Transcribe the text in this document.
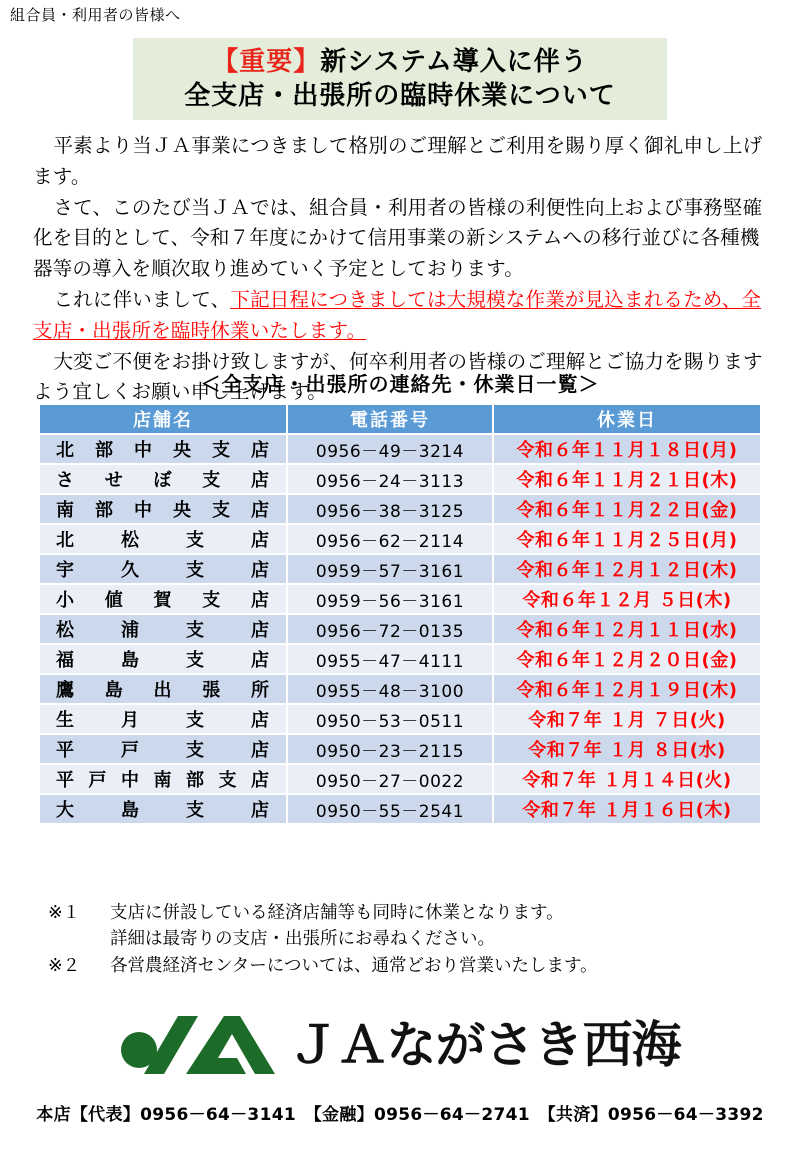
組合員・利用者の皆様へ
【重要】新システム導入に伴う
全支店・出張所の臨時休業について

平素より当ＪＡ事業につきまして格別のご理解とご利用を賜り厚く御礼申し上げます。

さて、このたび当ＪＡでは、組合員・利用者の皆様の利便性向上および事務堅確化を目的として、令和７年度にかけて信用事業の新システムへの移行並びに各種機器等の導入を順次取り進めていく予定としております。

これに伴いまして、下記日程につきましては大規模な作業が見込まれるため、全支店・出張所を臨時休業いたします。

大変ご不便をお掛け致しますが、何卒利用者の皆様のご理解とご協力を賜りますよう宜しくお願い申し上げます。

＜全支店・出張所の連絡先・休業日一覧＞
店舗名	電話番号	休業日
北部中央支店	0956－49－3214	令和６年１１月１８日(月)
させぼ支店	0956－24－3113	令和６年１１月２１日(木)
南部中央支店	0956－38－3125	令和６年１１月２２日(金)
北松支店	0956－62－2114	令和６年１１月２５日(月)
宇久支店	0959－57－3161	令和６年１２月１２日(木)
小値賀支店	0959－56－3161	令和６年１２月 ５日(木)
松浦支店	0956－72－0135	令和６年１２月１１日(水)
福島支店	0955－47－4111	令和６年１２月２０日(金)
鷹島出張所	0955－48－3100	令和６年１２月１９日(木)
生月支店	0950－53－0511	令和７年 １月 ７日(火)
平戸支店	0950－23－2115	令和７年 １月 ８日(水)
平戸中南部支店	0950－27－0022	令和７年 １月１４日(火)
大島支店	0950－55－2541	令和７年 １月１６日(木)
※１	支店に併設している経済店舗等も同時に休業となります。
詳細は最寄りの支店・出張所にお尋ねください。
※２	各営農経済センターについては、通常どおり営業いたします。
ＪＡながさき西海
本店【代表】0956－64－3141　【金融】0956－64－2741　【共済】0956－64－3392
